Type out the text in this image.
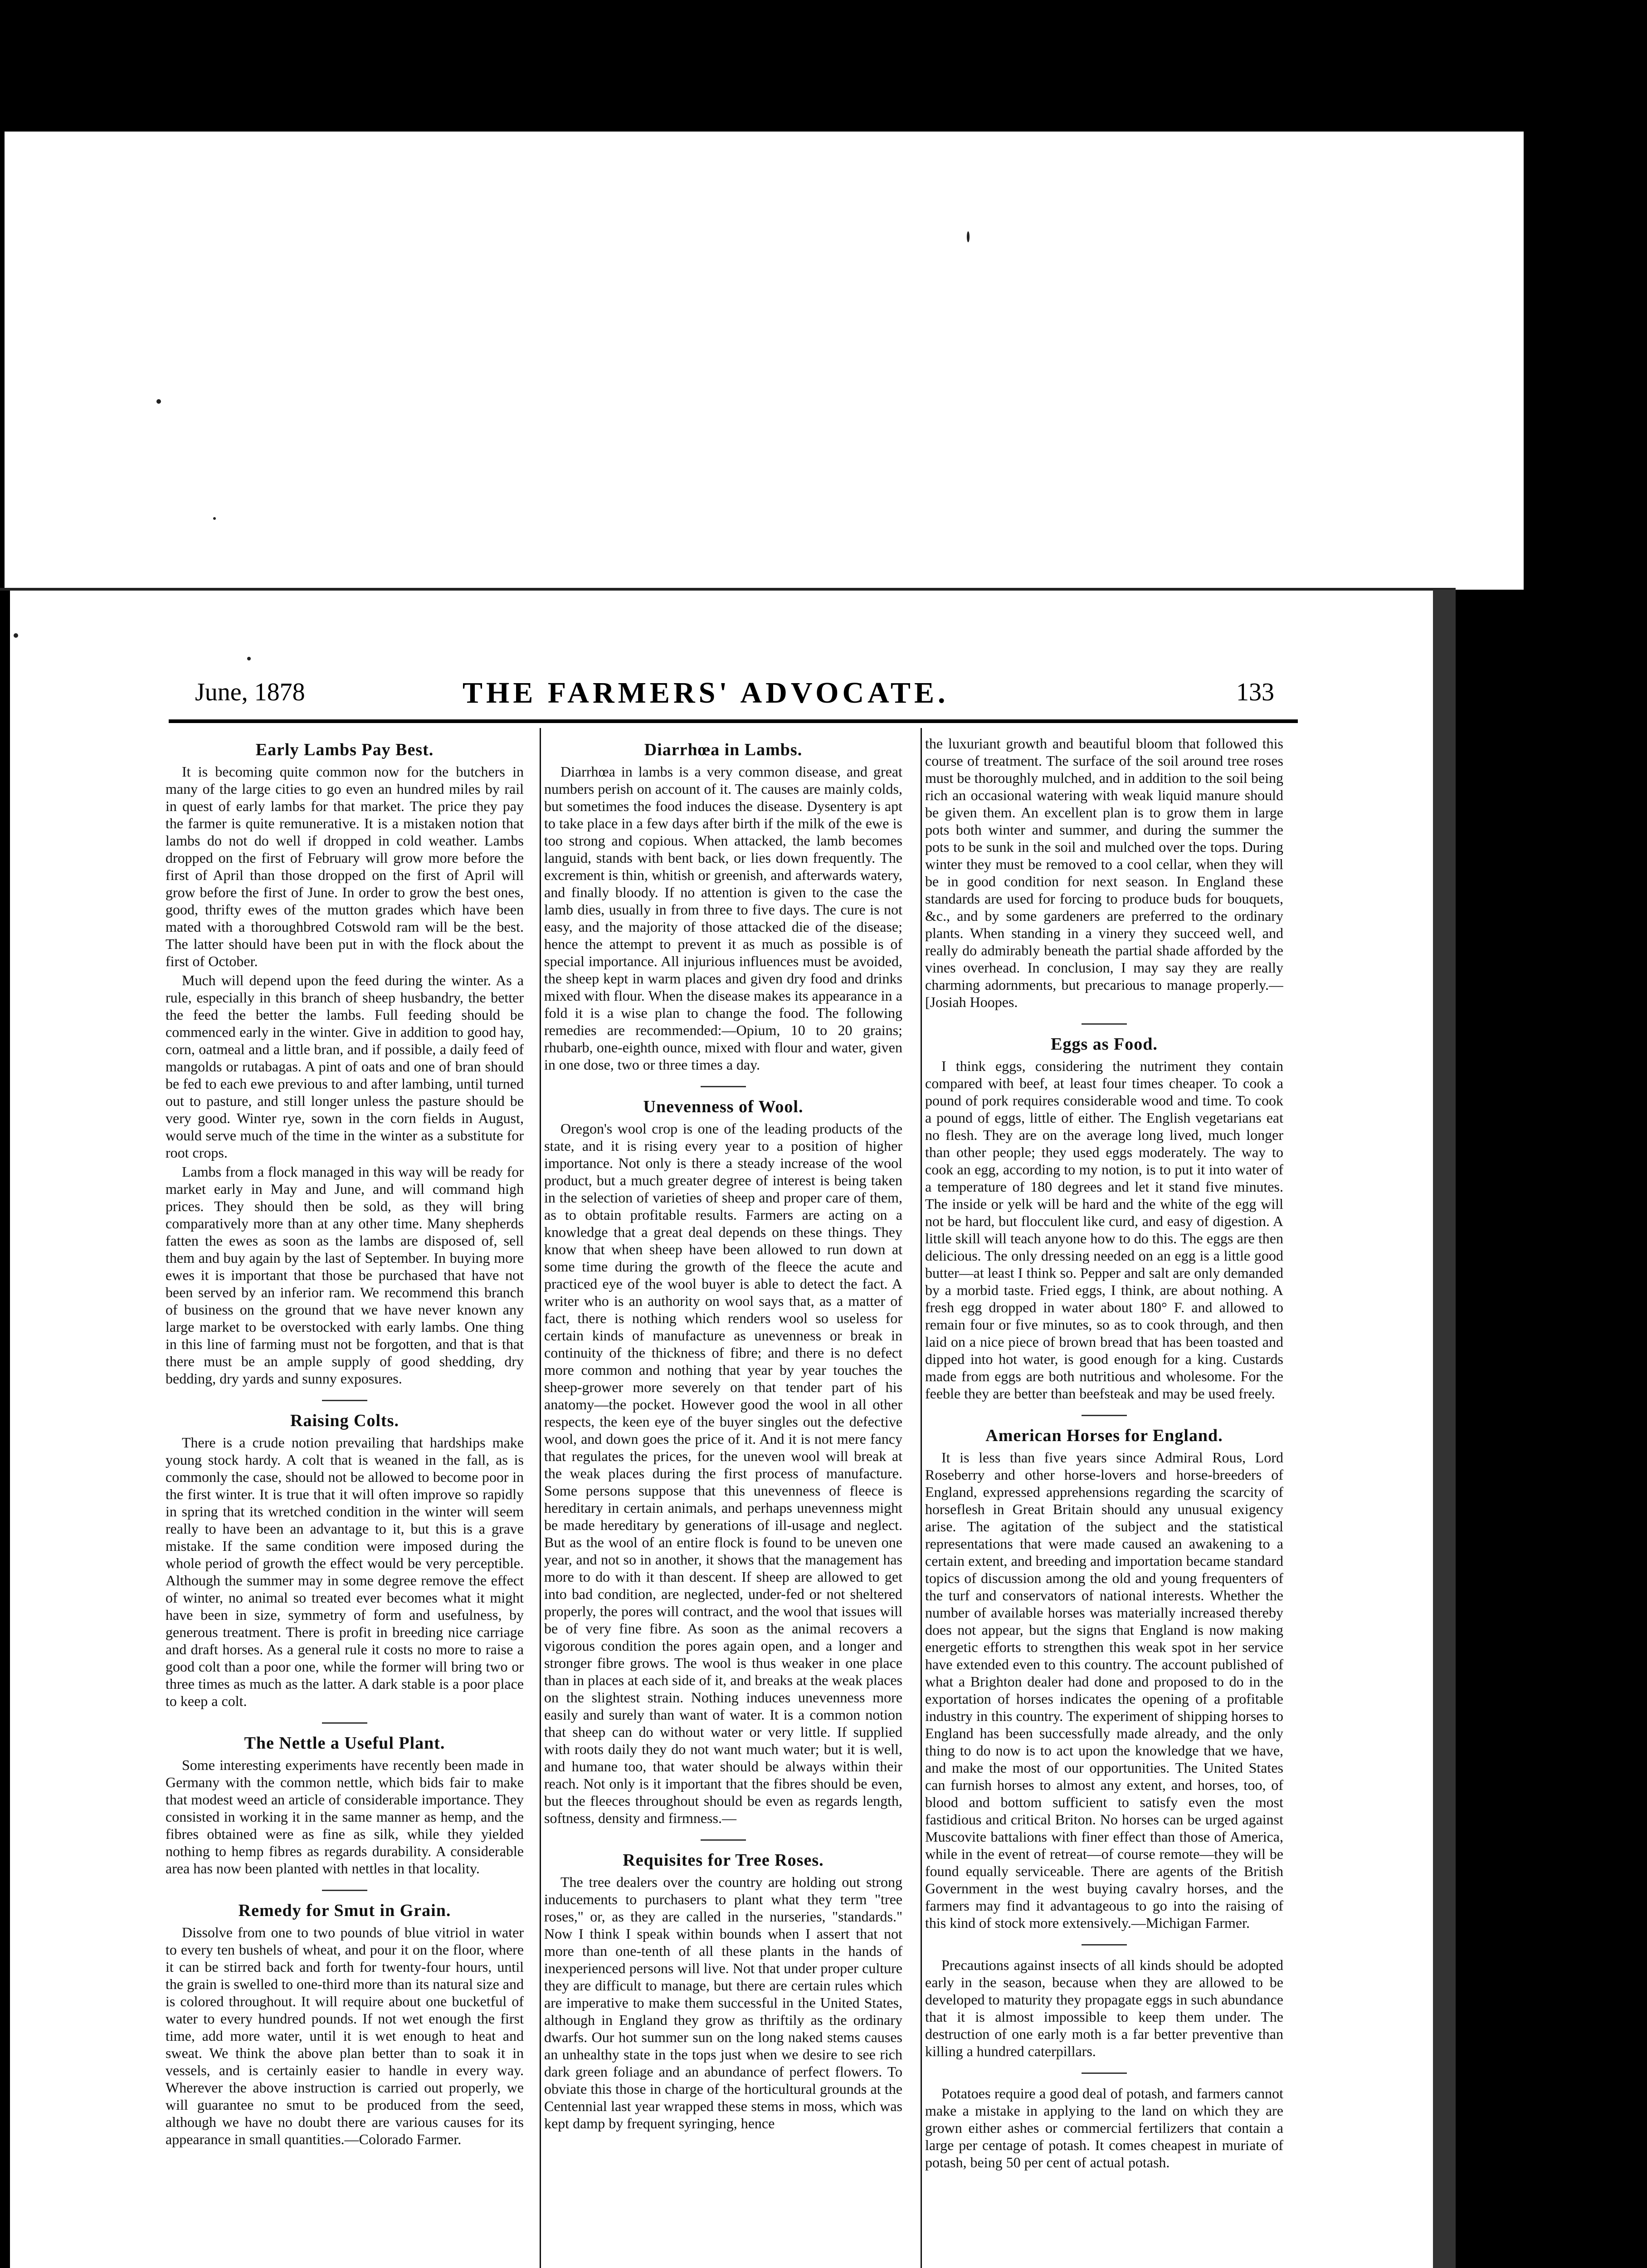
June, 1878	THE FARMERS' ADVOCATE.	133
Early Lambs Pay Best.

It is becoming quite common now for the butchers in many of the large cities to go even an hundred miles by rail in quest of early lambs for that market. The price they pay the farmer is quite remunerative. It is a mistaken notion that lambs do not do well if dropped in cold weather. Lambs dropped on the first of February will grow more before the first of April than those dropped on the first of April will grow before the first of June. In order to grow the best ones, good, thrifty ewes of the mutton grades which have been mated with a thoroughbred Cotswold ram will be the best. The latter should have been put in with the flock about the first of October.

Much will depend upon the feed during the winter. As a rule, especially in this branch of sheep husbandry, the better the feed the better the lambs. Full feeding should be commenced early in the winter. Give in addition to good hay, corn, oatmeal and a little bran, and if possible, a daily feed of mangolds or rutabagas. A pint of oats and one of bran should be fed to each ewe previous to and after lambing, until turned out to pasture, and still longer unless the pasture should be very good. Winter rye, sown in the corn fields in August, would serve much of the time in the winter as a substitute for root crops.

Lambs from a flock managed in this way will be ready for market early in May and June, and will command high prices. They should then be sold, as they will bring comparatively more than at any other time. Many shepherds fatten the ewes as soon as the lambs are disposed of, sell them and buy again by the last of September. In buying more ewes it is important that those be purchased that have not been served by an inferior ram. We recommend this branch of business on the ground that we have never known any large market to be overstocked with early lambs. One thing in this line of farming must not be forgotten, and that is that there must be an ample supply of good shedding, dry bedding, dry yards and sunny exposures.

Raising Colts.

There is a crude notion prevailing that hardships make young stock hardy. A colt that is weaned in the fall, as is commonly the case, should not be allowed to become poor in the first winter. It is true that it will often improve so rapidly in spring that its wretched condition in the winter will seem really to have been an advantage to it, but this is a grave mistake. If the same condition were imposed during the whole period of growth the effect would be very perceptible. Although the summer may in some degree remove the effect of winter, no animal so treated ever becomes what it might have been in size, symmetry of form and usefulness, by generous treatment. There is profit in breeding nice carriage and draft horses. As a general rule it costs no more to raise a good colt than a poor one, while the former will bring two or three times as much as the latter. A dark stable is a poor place to keep a colt.

The Nettle a Useful Plant.

Some interesting experiments have recently been made in Germany with the common nettle, which bids fair to make that modest weed an article of considerable importance. They consisted in working it in the same manner as hemp, and the fibres obtained were as fine as silk, while they yielded nothing to hemp fibres as regards durability. A considerable area has now been planted with nettles in that locality.

Remedy for Smut in Grain.

Dissolve from one to two pounds of blue vitriol in water to every ten bushels of wheat, and pour it on the floor, where it can be stirred back and forth for twenty-four hours, until the grain is swelled to one-third more than its natural size and is colored throughout. It will require about one bucketful of water to every hundred pounds. If not wet enough the first time, add more water, until it is wet enough to heat and sweat. We think the above plan better than to soak it in vessels, and is certainly easier to handle in every way. Wherever the above instruction is carried out properly, we will guarantee no smut to be produced from the seed, although we have no doubt there are various causes for its appearance in small quantities.—Colorado Farmer.

Diarrhœa in Lambs.

Diarrhœa in lambs is a very common disease, and great numbers perish on account of it. The causes are mainly colds, but sometimes the food induces the disease. Dysentery is apt to take place in a few days after birth if the milk of the ewe is too strong and copious. When attacked, the lamb becomes languid, stands with bent back, or lies down frequently. The excrement is thin, whitish or greenish, and afterwards watery, and finally bloody. If no attention is given to the case the lamb dies, usually in from three to five days. The cure is not easy, and the majority of those attacked die of the disease; hence the attempt to prevent it as much as possible is of special importance. All injurious influences must be avoided, the sheep kept in warm places and given dry food and drinks mixed with flour. When the disease makes its appearance in a fold it is a wise plan to change the food. The following remedies are recommended:—Opium, 10 to 20 grains; rhubarb, one-eighth ounce, mixed with flour and water, given in one dose, two or three times a day.

Unevenness of Wool.

Oregon's wool crop is one of the leading products of the state, and it is rising every year to a position of higher importance. Not only is there a steady increase of the wool product, but a much greater degree of interest is being taken in the selection of varieties of sheep and proper care of them, as to obtain profitable results. Farmers are acting on a knowledge that a great deal depends on these things. They know that when sheep have been allowed to run down at some time during the growth of the fleece the acute and practiced eye of the wool buyer is able to detect the fact. A writer who is an authority on wool says that, as a matter of fact, there is nothing which renders wool so useless for certain kinds of manufacture as unevenness or break in continuity of the thickness of fibre; and there is no defect more common and nothing that year by year touches the sheep-grower more severely on that tender part of his anatomy—the pocket. However good the wool in all other respects, the keen eye of the buyer singles out the defective wool, and down goes the price of it. And it is not mere fancy that regulates the prices, for the uneven wool will break at the weak places during the first process of manufacture. Some persons suppose that this unevenness of fleece is hereditary in certain animals, and perhaps unevenness might be made hereditary by generations of ill-usage and neglect. But as the wool of an entire flock is found to be uneven one year, and not so in another, it shows that the management has more to do with it than descent. If sheep are allowed to get into bad condition, are neglected, under-fed or not sheltered properly, the pores will contract, and the wool that issues will be of very fine fibre. As soon as the animal recovers a vigorous condition the pores again open, and a longer and stronger fibre grows. The wool is thus weaker in one place than in places at each side of it, and breaks at the weak places on the slightest strain. Nothing induces unevenness more easily and surely than want of water. It is a common notion that sheep can do without water or very little. If supplied with roots daily they do not want much water; but it is well, and humane too, that water should be always within their reach. Not only is it important that the fibres should be even, but the fleeces throughout should be even as regards length, softness, density and firmness.—

Requisites for Tree Roses.

The tree dealers over the country are holding out strong inducements to purchasers to plant what they term "tree roses," or, as they are called in the nurseries, "standards." Now I think I speak within bounds when I assert that not more than one-tenth of all these plants in the hands of inexperienced persons will live. Not that under proper culture they are difficult to manage, but there are certain rules which are imperative to make them successful in the United States, although in England they grow as thriftily as the ordinary dwarfs. Our hot summer sun on the long naked stems causes an unhealthy state in the tops just when we desire to see rich dark green foliage and an abundance of perfect flowers. To obviate this those in charge of the horticultural grounds at the Centennial last year wrapped these stems in moss, which was kept damp by frequent syringing, hence

the luxuriant growth and beautiful bloom that followed this course of treatment. The surface of the soil around tree roses must be thoroughly mulched, and in addition to the soil being rich an occasional watering with weak liquid manure should be given them. An excellent plan is to grow them in large pots both winter and summer, and during the summer the pots to be sunk in the soil and mulched over the tops. During winter they must be removed to a cool cellar, when they will be in good condition for next season. In England these standards are used for forcing to produce buds for bouquets, &c., and by some gardeners are preferred to the ordinary plants. When standing in a vinery they succeed well, and really do admirably beneath the partial shade afforded by the vines overhead. In conclusion, I may say they are really charming adornments, but precarious to manage properly.—[Josiah Hoopes.

Eggs as Food.

I think eggs, considering the nutriment they contain compared with beef, at least four times cheaper. To cook a pound of pork requires considerable wood and time. To cook a pound of eggs, little of either. The English vegetarians eat no flesh. They are on the average long lived, much longer than other people; they used eggs moderately. The way to cook an egg, according to my notion, is to put it into water of a temperature of 180 degrees and let it stand five minutes. The inside or yelk will be hard and the white of the egg will not be hard, but flocculent like curd, and easy of digestion. A little skill will teach anyone how to do this. The eggs are then delicious. The only dressing needed on an egg is a little good butter—at least I think so. Pepper and salt are only demanded by a morbid taste. Fried eggs, I think, are about nothing. A fresh egg dropped in water about 180° F. and allowed to remain four or five minutes, so as to cook through, and then laid on a nice piece of brown bread that has been toasted and dipped into hot water, is good enough for a king. Custards made from eggs are both nutritious and wholesome. For the feeble they are better than beefsteak and may be used freely.

American Horses for England.

It is less than five years since Admiral Rous, Lord Roseberry and other horse-lovers and horse-breeders of England, expressed apprehensions regarding the scarcity of horseflesh in Great Britain should any unusual exigency arise. The agitation of the subject and the statistical representations that were made caused an awakening to a certain extent, and breeding and importation became standard topics of discussion among the old and young frequenters of the turf and conservators of national interests. Whether the number of available horses was materially increased thereby does not appear, but the signs that England is now making energetic efforts to strengthen this weak spot in her service have extended even to this country. The account published of what a Brighton dealer had done and proposed to do in the exportation of horses indicates the opening of a profitable industry in this country. The experiment of shipping horses to England has been successfully made already, and the only thing to do now is to act upon the knowledge that we have, and make the most of our opportunities. The United States can furnish horses to almost any extent, and horses, too, of blood and bottom sufficient to satisfy even the most fastidious and critical Briton. No horses can be urged against Muscovite battalions with finer effect than those of America, while in the event of retreat—of course remote—they will be found equally serviceable. There are agents of the British Government in the west buying cavalry horses, and the farmers may find it advantageous to go into the raising of this kind of stock more extensively.—Michigan Farmer.

Precautions against insects of all kinds should be adopted early in the season, because when they are allowed to be developed to maturity they propagate eggs in such abundance that it is almost impossible to keep them under. The destruction of one early moth is a far better preventive than killing a hundred caterpillars.

Potatoes require a good deal of potash, and farmers cannot make a mistake in applying to the land on which they are grown either ashes or commercial fertilizers that contain a large per centage of potash. It comes cheapest in muriate of potash, being 50 per cent of actual potash.
